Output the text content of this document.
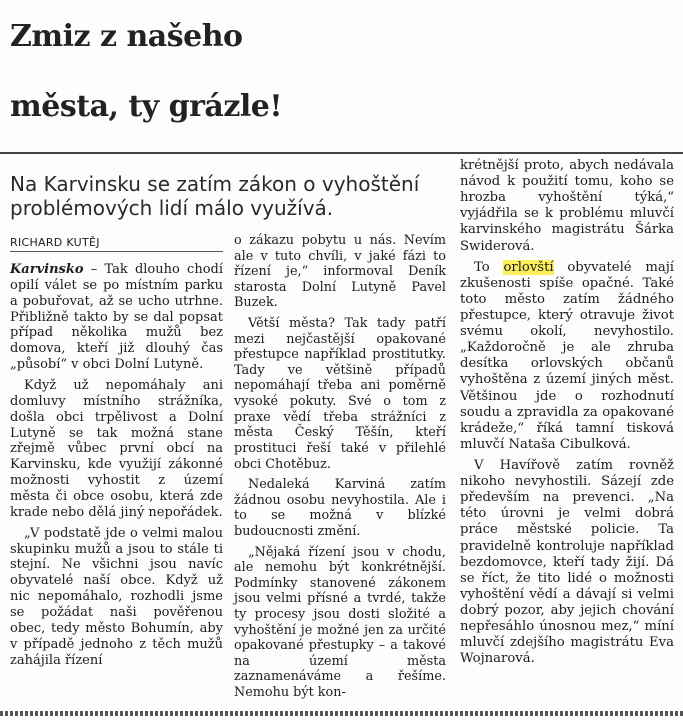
Zmiz z našeho
města, ty grázle!
Na Karvinsku se zatím zákon o vyhoštění problémových lidí málo využívá.
RICHARD KUTĚJ

Karvinsko – Tak dlouho chodí opilí válet se po místním parku a pobuřovat, až se ucho utrhne. Přibližně takto by se dal popsat případ několika mužů bez domova, kteří již dlouhý čas „působí“ v obci Dolní Lutyně.

Když už nepomáhaly ani domluvy místního strážníka, došla obci trpělivost a Dolní Lutyně se tak možná stane zřejmě vůbec první obcí na Karvinsku, kde využijí zákonné možnosti vyhostit z území města či obce osobu, která zde krade nebo dělá jiný nepořádek.

„V podstatě jde o velmi malou skupinku mužů a jsou to stále ti stejní. Ne všichni jsou navíc obyvatelé naší obce. Když už nic nepomáhalo, rozhodli jsme se požádat naši pověřenou obec, tedy město Bohumín, aby v případě jednoho z těch mužů zahájila řízení

o zákazu pobytu u nás. Nevím ale v tuto chvíli, v jaké fázi to řízení je,“ informoval Deník starosta Dolní Lutyně Pavel Buzek.

Větší města? Tak tady patří mezi nejčastější opakované přestupce například prostitutky. Tady ve většině případů nepomáhají třeba ani poměrně vysoké pokuty. Své o tom z praxe vědí třeba strážníci z města Český Těšín, kteří prostituci řeší také v přilehlé obci Chotěbuz.

Nedaleká Karviná zatím žádnou osobu nevyhostila. Ale i to se možná v blízké budoucnosti změní.

„Nějaká řízení jsou v chodu, ale nemohu být konkrétnější. Podmínky stanovené zákonem jsou velmi přísné a tvrdé, takže ty procesy jsou dosti složité a vyhoštění je možné jen za určité opakované přestupky – a takové na území města zaznamenáváme a řešíme. Nemohu být kon-

krétnější proto, abych nedávala návod k použití tomu, koho se hrozba vyhoštění týká,“ vyjádřila se k problému mluvčí karvinského magistrátu Šárka Swiderová.

To orlovští obyvatelé mají zkušenosti spíše opačné. Také toto město zatím žádného přestupce, který otravuje život svému okolí, nevyhostilo. „Každoročně je ale zhruba desítka orlovských občanů vyhoštěna z území jiných měst. Většinou jde o rozhodnutí soudu a zpravidla za opakované krádeže,“ říká tamní tisková mluvčí Nataša Cibulková.

V Havířově zatím rovněž nikoho nevyhostili. Sázejí zde především na prevenci. „Na této úrovni je velmi dobrá práce městské policie. Ta pravidelně kontroluje například bezdomovce, kteří tady žijí. Dá se říct, že tito lidé o možnosti vyhoštění vědí a dávají si velmi dobrý pozor, aby jejich chování nepřesáhlo únosnou mez,“ míní mluvčí zdejšího magistrátu Eva Wojnarová.
